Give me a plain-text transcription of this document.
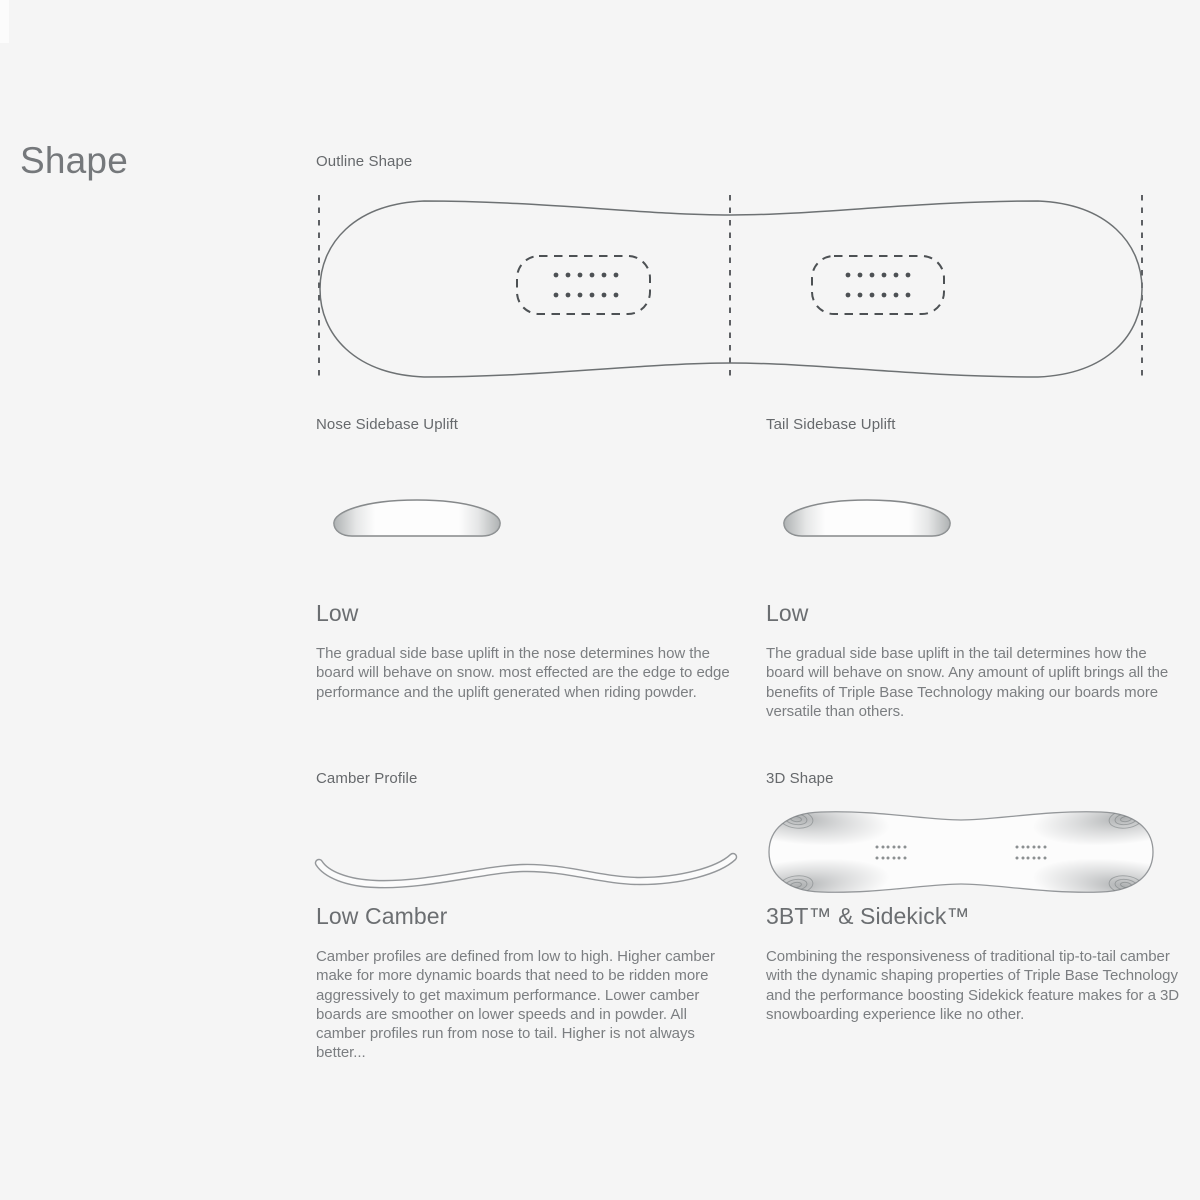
Shape	Outline Shape
Nose Sidebase Uplift	Tail Sidebase Uplift
Low
The gradual side base uplift in the nose determines how the board will behave on snow. most effected are the edge to edge performance and the uplift generated when riding powder.
Low
The gradual side base uplift in the tail determines how the board will behave on snow. Any amount of uplift brings all the benefits of Triple Base Technology making our boards more versatile than others.
Camber Profile
Low Camber
Camber profiles are defined from low to high. Higher camber make for more dynamic boards that need to be ridden more aggressively to get maximum performance. Lower camber boards are smoother on lower speeds and in powder. All camber profiles run from nose to tail. Higher is not always better...
3D Shape
3BT™ & Sidekick™
Combining the responsiveness of traditional tip-to-tail camber with the dynamic shaping properties of Triple Base Technology and the performance boosting Sidekick feature makes for a 3D snowboarding experience like no other.
